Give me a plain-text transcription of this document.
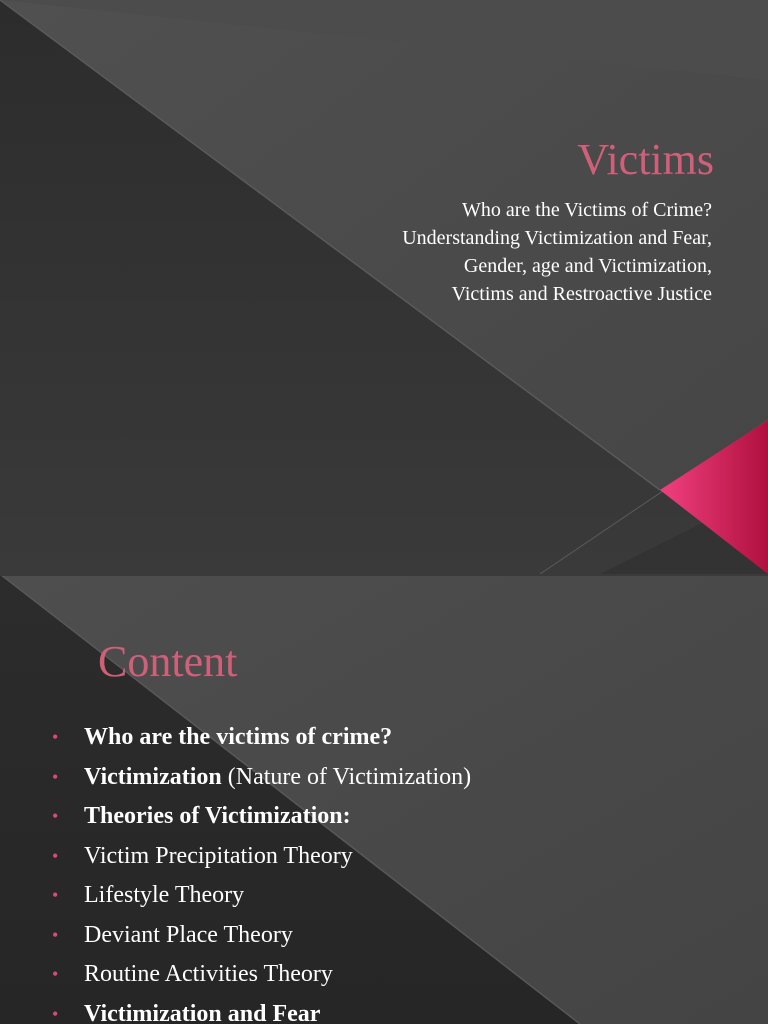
Victims
Who are the Victims of Crime?
Understanding Victimization and Fear,
Gender, age and Victimization,
Victims and Restroactive Justice
Content
• Who are the victims of crime?
• Victimization (Nature of Victimization)
• Theories of Victimization:
• Victim Precipitation Theory
• Lifestyle Theory
• Deviant Place Theory
• Routine Activities Theory
• Victimization and Fear
